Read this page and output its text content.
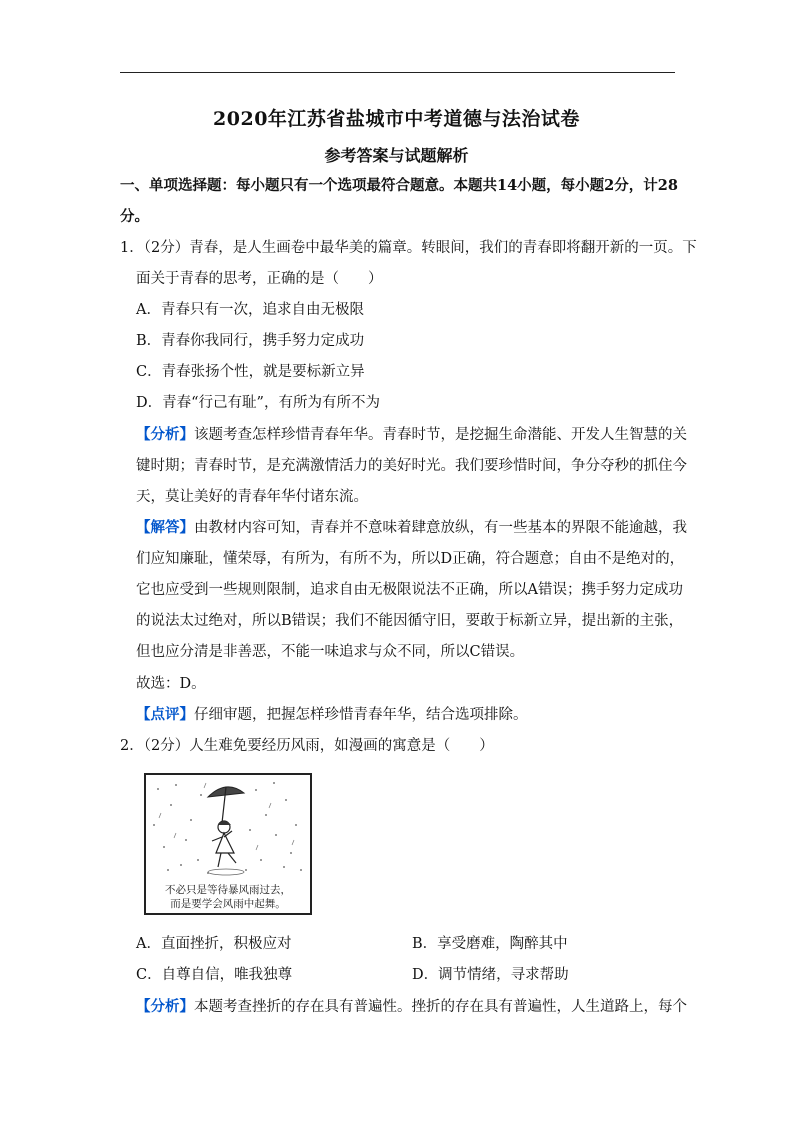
2020年江苏省盐城市中考道德与法治试卷
参考答案与试题解析
一、单项选择题：每小题只有一个选项最符合题意。本题共14小题，每小题2分，计28
分。
1．（2分）青春，是人生画卷中最华美的篇章。转眼间，我们的青春即将翻开新的一页。下
面关于青春的思考，正确的是（　　）
A．青春只有一次，追求自由无极限
B．青春你我同行，携手努力定成功
C．青春张扬个性，就是要标新立异
D．青春“行己有耻”，有所为有所不为
【分析】该题考查怎样珍惜青春年华。青春时节，是挖掘生命潜能、开发人生智慧的关
键时期；青春时节，是充满激情活力的美好时光。我们要珍惜时间，争分夺秒的抓住今
天，莫让美好的青春年华付诸东流。
【解答】由教材内容可知，青春并不意味着肆意放纵，有一些基本的界限不能逾越，我
们应知廉耻，懂荣辱，有所为，有所不为，所以D正确，符合题意；自由不是绝对的，
它也应受到一些规则限制，追求自由无极限说法不正确，所以A错误；携手努力定成功
的说法太过绝对，所以B错误；我们不能因循守旧，要敢于标新立异，提出新的主张，
但也应分清是非善恶，不能一味追求与众不同，所以C错误。
故选：D。
【点评】仔细审题，把握怎样珍惜青春年华，结合选项排除。
2．（2分）人生难免要经历风雨，如漫画的寓意是（　　）
不必只是等待暴风雨过去，
而是要学会风雨中起舞。
A．直面挫折，积极应对	B．享受磨难，陶醉其中
C．自尊自信，唯我独尊	D．调节情绪，寻求帮助
【分析】本题考查挫折的存在具有普遍性。挫折的存在具有普遍性，人生道路上，每个
